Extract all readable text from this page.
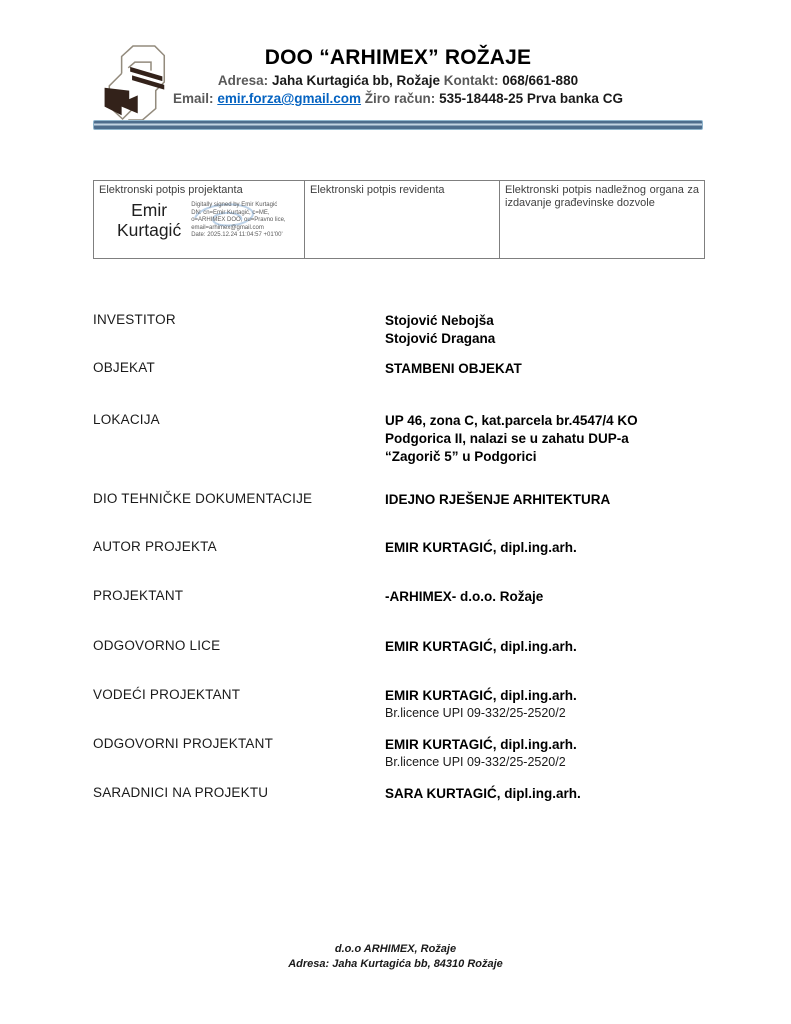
DOO “ARHIMEX” ROŽAJE
Adresa: Jaha Kurtagića bb, Rožaje Kontakt: 068/661-880
Email: emir.forza@gmail.com Žiro račun: 535-18448-25 Prva banka CG
Elektronski potpis projektanta
Emir
Kurtagić
Digitally signed by Emir Kurtagić
DN: cn=Emir Kurtagić, c=ME,
o=ARHIMEX DOO, ou=Pravno lice,
email=arhimex@gmail.com
Date: 2025.12.24 11:04:57 +01'00'

Elektronski potpis revidenta	Elektronski potpis nadležnog organa za izdavanje građevinske dozvole
INVESTITOR	Stojović Nebojša
Stojović Dragana
OBJEKAT	STAMBENI OBJEKAT
LOKACIJA	UP 46, zona C, kat.parcela br.4547/4 KO
Podgorica II, nalazi se u zahatu DUP-a
“Zagorič 5” u Podgorici
DIO TEHNIČKE DOKUMENTACIJE	IDEJNO RJEŠENJE ARHITEKTURA
AUTOR PROJEKTA	EMIR KURTAGIĆ, dipl.ing.arh.
PROJEKTANT	-ARHIMEX- d.o.o. Rožaje
ODGOVORNO LICE	EMIR KURTAGIĆ, dipl.ing.arh.
VODEĆI PROJEKTANT	EMIR KURTAGIĆ, dipl.ing.arh.
Br.licence UPI 09-332/25-2520/2
ODGOVORNI PROJEKTANT	EMIR KURTAGIĆ, dipl.ing.arh.
Br.licence UPI 09-332/25-2520/2
SARADNICI NA PROJEKTU	SARA KURTAGIĆ, dipl.ing.arh.
d.o.o ARHIMEX, Rožaje
Adresa: Jaha Kurtagića bb, 84310 Rožaje
